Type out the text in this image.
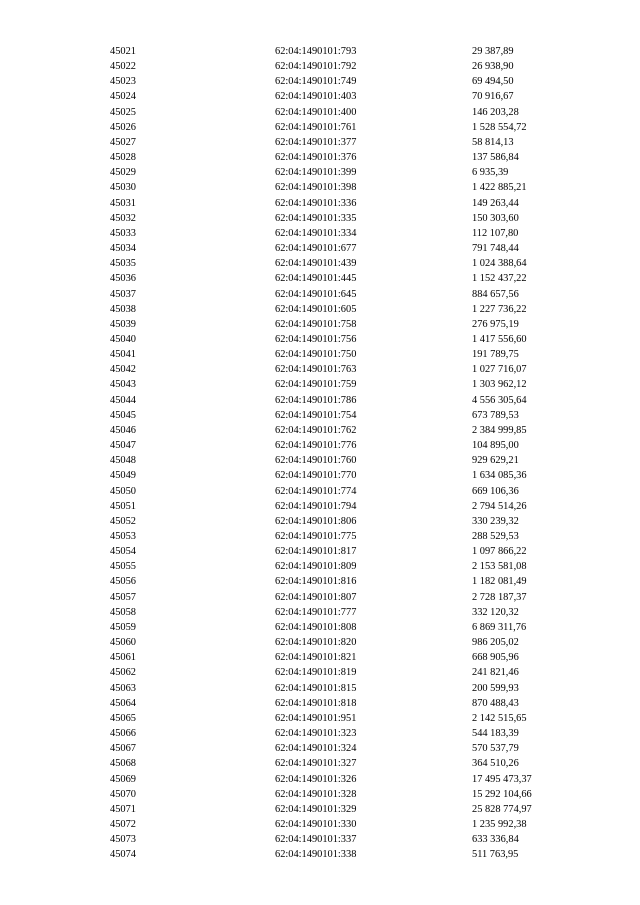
45021	62:04:1490101:793	29 387,89
45022	62:04:1490101:792	26 938,90
45023	62:04:1490101:749	69 494,50
45024	62:04:1490101:403	70 916,67
45025	62:04:1490101:400	146 203,28
45026	62:04:1490101:761	1 528 554,72
45027	62:04:1490101:377	58 814,13
45028	62:04:1490101:376	137 586,84
45029	62:04:1490101:399	6 935,39
45030	62:04:1490101:398	1 422 885,21
45031	62:04:1490101:336	149 263,44
45032	62:04:1490101:335	150 303,60
45033	62:04:1490101:334	112 107,80
45034	62:04:1490101:677	791 748,44
45035	62:04:1490101:439	1 024 388,64
45036	62:04:1490101:445	1 152 437,22
45037	62:04:1490101:645	884 657,56
45038	62:04:1490101:605	1 227 736,22
45039	62:04:1490101:758	276 975,19
45040	62:04:1490101:756	1 417 556,60
45041	62:04:1490101:750	191 789,75
45042	62:04:1490101:763	1 027 716,07
45043	62:04:1490101:759	1 303 962,12
45044	62:04:1490101:786	4 556 305,64
45045	62:04:1490101:754	673 789,53
45046	62:04:1490101:762	2 384 999,85
45047	62:04:1490101:776	104 895,00
45048	62:04:1490101:760	929 629,21
45049	62:04:1490101:770	1 634 085,36
45050	62:04:1490101:774	669 106,36
45051	62:04:1490101:794	2 794 514,26
45052	62:04:1490101:806	330 239,32
45053	62:04:1490101:775	288 529,53
45054	62:04:1490101:817	1 097 866,22
45055	62:04:1490101:809	2 153 581,08
45056	62:04:1490101:816	1 182 081,49
45057	62:04:1490101:807	2 728 187,37
45058	62:04:1490101:777	332 120,32
45059	62:04:1490101:808	6 869 311,76
45060	62:04:1490101:820	986 205,02
45061	62:04:1490101:821	668 905,96
45062	62:04:1490101:819	241 821,46
45063	62:04:1490101:815	200 599,93
45064	62:04:1490101:818	870 488,43
45065	62:04:1490101:951	2 142 515,65
45066	62:04:1490101:323	544 183,39
45067	62:04:1490101:324	570 537,79
45068	62:04:1490101:327	364 510,26
45069	62:04:1490101:326	17 495 473,37
45070	62:04:1490101:328	15 292 104,66
45071	62:04:1490101:329	25 828 774,97
45072	62:04:1490101:330	1 235 992,38
45073	62:04:1490101:337	633 336,84
45074	62:04:1490101:338	511 763,95
